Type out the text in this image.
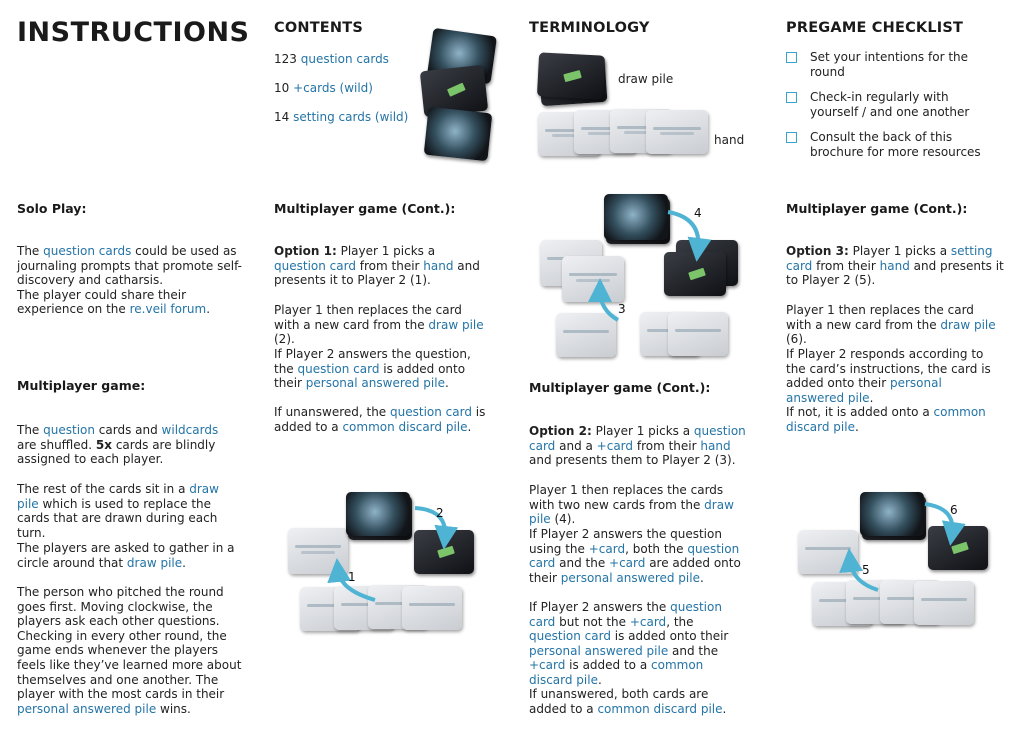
INSTRUCTIONS CONTENTS
123 question cards
10 +cards (wild)
14 setting cards (wild)
TERMINOLOGY
draw pile
hand
PREGAME CHECKLIST
Set your intentions for the round
Check-in regularly with yourself / and one another
Consult the back of this brochure for more resources
Solo Play:

The question cards could be used as journaling prompts that promote self-discovery and catharsis.
The player could share their experience on the re.veil forum.

Multiplayer game:

The question cards and wildcards are shuffled. 5x cards are blindly assigned to each player.

The rest of the cards sit in a draw pile which is used to replace the cards that are drawn during each turn.

The players are asked to gather in a circle around that draw pile.

The person who pitched the round goes first. Moving clockwise, the players ask each other questions. Checking in every other round, the game ends whenever the players feels like they’ve learned more about themselves and one another. The player with the most cards in their personal answered pile wins.

Multiplayer game (Cont.):

Option 1: Player 1 picks a question card from their hand and presents it to Player 2 (1).

Player 1 then replaces the card with a new card from the draw pile (2).

If Player 2 answers the question, the question card is added onto their personal answered pile.

If unanswered, the question card is added to a common discard pile.

1
2
3
4
Multiplayer game (Cont.):

Option 2: Player 1 picks a question card and a +card from their hand and presents them to Player 2 (3).

Player 1 then replaces the cards with two new cards from the draw pile (4).

If Player 2 answers the question using the +card, both the question card and the +card are added onto their personal answered pile.

If Player 2 answers the question card but not the +card, the question card is added onto their personal answered pile and the +card is added to a common discard pile.

If unanswered, both cards are added to a common discard pile.

Multiplayer game (Cont.):

Option 3: Player 1 picks a setting card from their hand and presents it to Player 2 (5).

Player 1 then replaces the card with a new card from the draw pile (6).

If Player 2 responds according to the card’s instructions, the card is added onto their personal answered pile.

If not, it is added onto a common discard pile.

5
6
